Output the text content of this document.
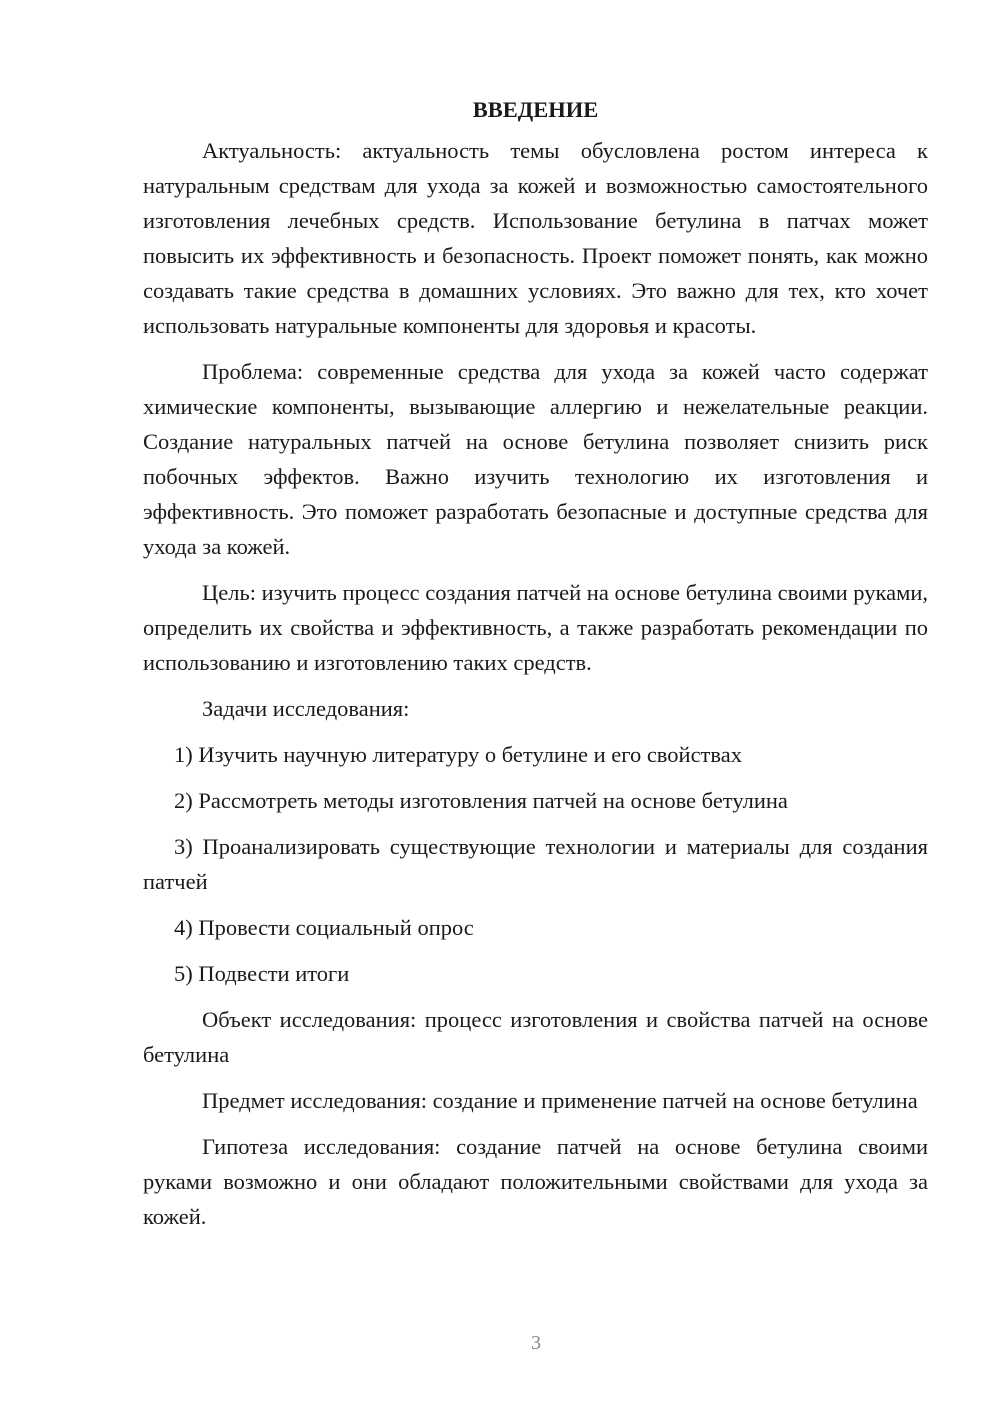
ВВЕДЕНИЕ

Актуальность: актуальность темы обусловлена ростом интереса к натуральным средствам для ухода за кожей и возможностью самостоятельного изготовления лечебных средств. Использование бетулина в патчах может повысить их эффективность и безопасность. Проект поможет понять, как можно создавать такие средства в домашних условиях. Это важно для тех, кто хочет использовать натуральные компоненты для здоровья и красоты.

Проблема: современные средства для ухода за кожей часто содержат химические компоненты, вызывающие аллергию и нежелательные реакции. Создание натуральных патчей на основе бетулина позволяет снизить риск побочных эффектов. Важно изучить технологию их изготовления и эффективность. Это поможет разработать безопасные и доступные средства для ухода за кожей.

Цель: изучить процесс создания патчей на основе бетулина своими руками, определить их свойства и эффективность, а также разработать рекомендации по использованию и изготовлению таких средств.

Задачи исследования:

1) Изучить научную литературу о бетулине и его свойствах

2) Рассмотреть методы изготовления патчей на основе бетулина

3) Проанализировать существующие технологии и материалы для создания патчей

4) Провести социальный опрос

5) Подвести итоги

Объект исследования: процесс изготовления и свойства патчей на основе бетулина

Предмет исследования: создание и применение патчей на основе бетулина

Гипотеза исследования: создание патчей на основе бетулина своими руками возможно и они обладают положительными свойствами для ухода за кожей.

3
